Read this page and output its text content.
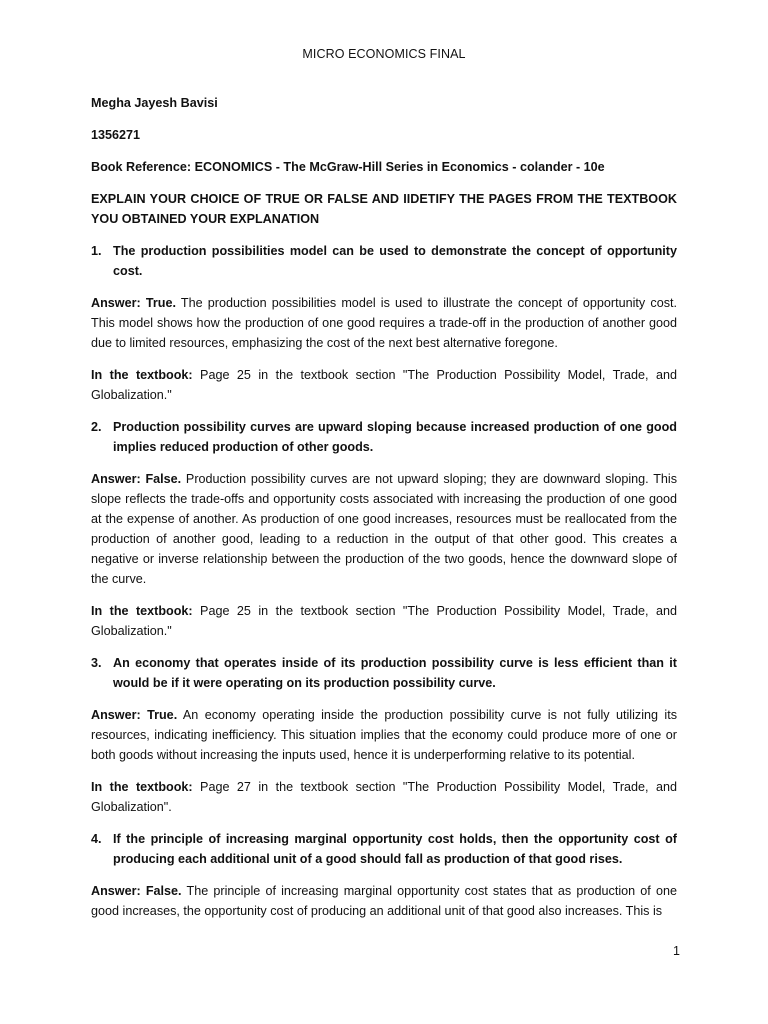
MICRO ECONOMICS FINAL

Megha Jayesh Bavisi

1356271

Book Reference: ECONOMICS - The McGraw-Hill Series in Economics - colander - 10e

EXPLAIN YOUR CHOICE OF TRUE OR FALSE AND IIDETIFY THE PAGES FROM THE TEXTBOOK YOU OBTAINED YOUR EXPLANATION

1. The production possibilities model can be used to demonstrate the concept of opportunity cost.

Answer: True. The production possibilities model is used to illustrate the concept of opportunity cost. This model shows how the production of one good requires a trade-off in the production of another good due to limited resources, emphasizing the cost of the next best alternative foregone.

In the textbook: Page 25 in the textbook section "The Production Possibility Model, Trade, and Globalization."

2. Production possibility curves are upward sloping because increased production of one good implies reduced production of other goods.

Answer: False. Production possibility curves are not upward sloping; they are downward sloping. This slope reflects the trade-offs and opportunity costs associated with increasing the production of one good at the expense of another. As production of one good increases, resources must be reallocated from the production of another good, leading to a reduction in the output of that other good. This creates a negative or inverse relationship between the production of the two goods, hence the downward slope of the curve.

In the textbook: Page 25 in the textbook section "The Production Possibility Model, Trade, and Globalization."

3. An economy that operates inside of its production possibility curve is less efficient than it would be if it were operating on its production possibility curve.

Answer: True. An economy operating inside the production possibility curve is not fully utilizing its resources, indicating inefficiency. This situation implies that the economy could produce more of one or both goods without increasing the inputs used, hence it is underperforming relative to its potential.

In the textbook: Page 27 in the textbook section "The Production Possibility Model, Trade, and Globalization".

4. If the principle of increasing marginal opportunity cost holds, then the opportunity cost of producing each additional unit of a good should fall as production of that good rises.

Answer: False. The principle of increasing marginal opportunity cost states that as production of one good increases, the opportunity cost of producing an additional unit of that good also increases. This is

1
